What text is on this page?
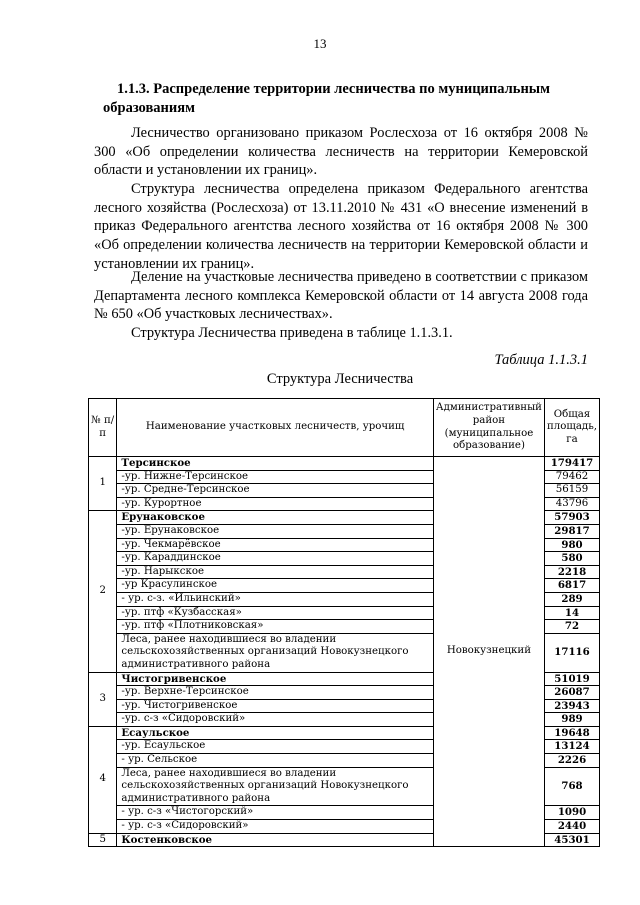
13
1.1.3. Распределение территории лесничества по муниципальным
образованиям
Лесничество организовано приказом Рослесхоза от 16 октября 2008 № 300 «Об определении количества лесничеств на территории Кемеровской области и установлении их границ».
Структура лесничества определена приказом Федерального агентства лесного хозяйства (Рослесхоза) от 13.11.2010 № 431 «О внесение изменений в приказ Федерального агентства лесного хозяйства от 16 октября 2008 № 300 «Об определении количества лесничеств на территории Кемеровской области и установлении их границ».
Деление на участковые лесничества приведено в соответствии с приказом Департамента лесного комплекса Кемеровской области от 14 августа 2008 года № 650 «Об участковых лесничествах».
Структура Лесничества приведена в таблице 1.1.3.1.
Таблица 1.1.3.1
Структура Лесничества
№ п/п	Наименование участковых лесничеств, урочищ	Административный район (муниципальное образование)	Общая площадь, га
1	Терсинское	Новокузнецкий	179417
	-ур. Нижне-Терсинское		79462
	-ур. Средне-Терсинское		56159
	-ур. Курортное		43796
2	Ерунаковское		57903
	-ур. Ерунаковское		29817
	-ур. Чекмарёвское		980
	-ур. Караддинское		580
	-ур. Нарыкское		2218
	-ур Красулинское		6817
	- ур. с-з. «Ильинский»		289
	-ур. птф «Кузбасская»		14
	-ур. птф «Плотниковская»		72
	Леса, ранее находившиеся во владении сельскохозяйственных организаций Новокузнецкого административного района		17116
3	Чистогривенское		51019
	-ур. Верхне-Терсинское		26087
	-ур. Чистогривенское		23943
	-ур. с-з «Сидоровский»		989
4	Есаульское		19648
	-ур. Есаульское		13124
	- ур. Сельское		2226
	Леса, ранее находившиеся во владении сельскохозяйственных организаций Новокузнецкого административного района		768
	- ур. с-з «Чистогорский»		1090
	- ур. с-з «Сидоровский»		2440
5	Костенковское		45301
